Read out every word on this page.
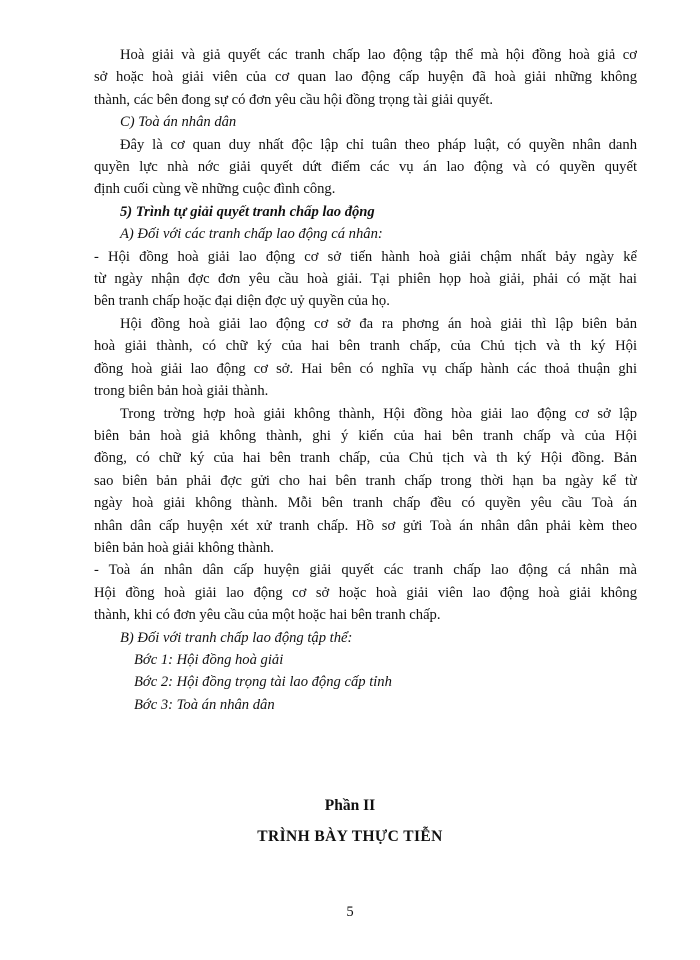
Hoà giải và giả quyết các tranh chấp lao động tập thể mà hội đồng hoà giả cơ

sở hoặc hoà giải viên của cơ quan lao động cấp huyện đã hoà giải những không

thành, các bên đong sự có đơn yêu cầu hội đồng trọng tài giải quyết.

C) Toà án nhân dân

Đây là cơ quan duy nhất độc lập chỉ tuân theo pháp luật, có quyền nhân danh

quyền lực nhà nớc giải quyết dứt điểm các vụ án lao động và có quyền quyết

định cuối cùng về những cuộc đình công.

5) Trình tự giải quyết tranh chấp lao động

A) Đối với các tranh chấp lao động cá nhân:

- Hội đồng hoà giải lao động cơ sở tiến hành hoà giải chậm nhất bảy ngày kể

từ ngày nhận đợc đơn yêu cầu hoà giải. Tại phiên họp hoà giải, phải có mặt hai

bên tranh chấp hoặc đại diện đợc uỷ quyền của họ.

Hội đồng hoà giải lao động cơ sở đa ra phơng án hoà giải thì lập biên bản

hoà giải thành, có chữ ký của hai bên tranh chấp, của Chủ tịch và th ký Hội

đồng hoà giải lao động cơ sở. Hai bên có nghĩa vụ chấp hành các thoả thuận ghi

trong biên bản hoà giải thành.

Trong trờng hợp hoà giải không thành, Hội đồng hòa giải lao động cơ sở lập

biên bản hoà giả không thành, ghi ý kiến của hai bên tranh chấp và của Hội

đồng, có chữ ký của hai bên tranh chấp, của Chủ tịch và th ký Hội đồng. Bản

sao biên bản phải đợc gửi cho hai bên tranh chấp trong thời hạn ba ngày kể từ

ngày hoà giải không thành. Mỗi bên tranh chấp đều có quyền yêu cầu Toà án

nhân dân cấp huyện xét xử tranh chấp. Hồ sơ gửi Toà án nhân dân phải kèm theo

biên bản hoà giải không thành.

- Toà án nhân dân cấp huyện giải quyết các tranh chấp lao động cá nhân mà

Hội đồng hoà giải lao động cơ sở hoặc hoà giải viên lao động hoà giải không

thành, khi có đơn yêu cầu của một hoặc hai bên tranh chấp.

B) Đối với tranh chấp lao động tập thể:

Bớc 1: Hội đồng hoà giải

Bớc 2: Hội đồng trọng tài lao động cấp tỉnh

Bớc 3: Toà án nhân dân

Phần II

TRÌNH BÀY THỰC TIỄN

5
